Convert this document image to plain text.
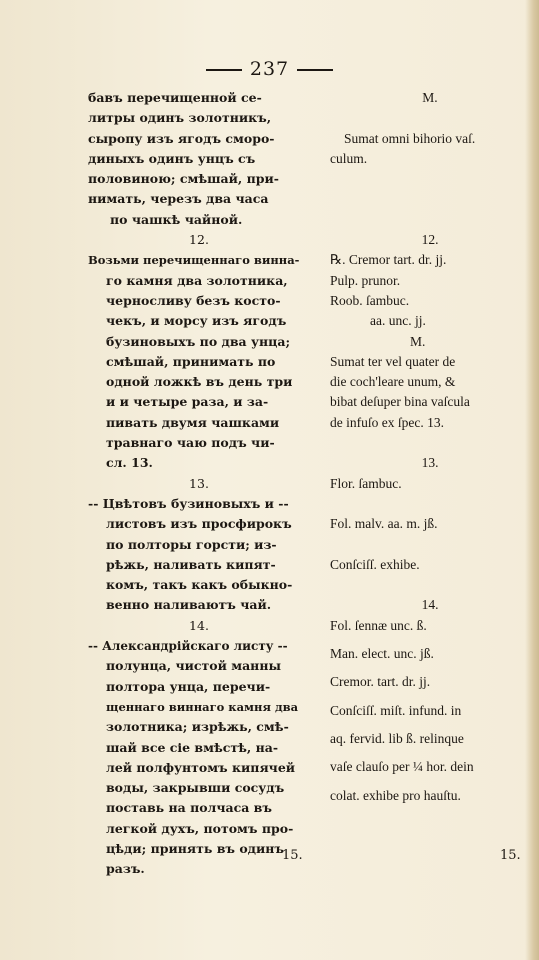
237
бавъ перечищенной се-
литры одинъ золотникъ,
сыропу изъ ягодъ сморо-
диныхъ одинъ унцъ съ
половиною; смѣшай, при-
нимать, черезъ два часа
по чашкѣ чайной.
12.
Возьми перечищеннаго винна-
го камня два золотника,
черносливу безъ косто-
чекъ, и морсу изъ ягодъ
бузиновыхъ по два унца;
смѣшай, принимать по
одной ложкѣ въ день три
и и четыре раза, и за-
пивать двумя чашками
травнаго чаю подъ чи-
сл. 13.
13.
-- Цвѣтовъ бузиновыхъ и --
листовъ изъ просфирокъ
по полторы горсти; из-
рѣжь, наливать кипят-
комъ, такъ какъ обыкно-
венно наливаютъ чай.
14.
-- Александрійскаго листу --
полунца, чистой манны
полтора унца, перечи-
щеннаго виннаго камня два
золотника; изрѣжь, смѣ-
шай все сіе вмѣстѣ, на-
лей полфунтомъ кипячей
воды, закрывши сосудъ
поставь на полчаса въ
легкой духъ, потомъ про-
цѣди; принять въ одинъ
разъ.
15.
M.

Sumat omni bihorio vaſ.
culum.

12.
℞. Cremor tart. dr. jj.
Pulp. prunor.
Roob. ſambuc.
aa. unc. jj.
M.
Sumat ter vel quater de
die coch'leare unum, &
bibat deſuper bina vaſcula
de infuſo ex ſpec. 13.

13.
Flor. ſambuc.

Fol. malv. aa. m. jß.

Conſciſſ. exhibe.

14.
Fol. ſennæ unc. ß.
Man. elect. unc. jß.
Cremor. tart. dr. jj.
Conſciſſ. miſt. infund. in
aq. fervid. lib ß. relinque
vaſe clauſo per ¼ hor. dein
colat. exhibe pro hauſtu.
15.
